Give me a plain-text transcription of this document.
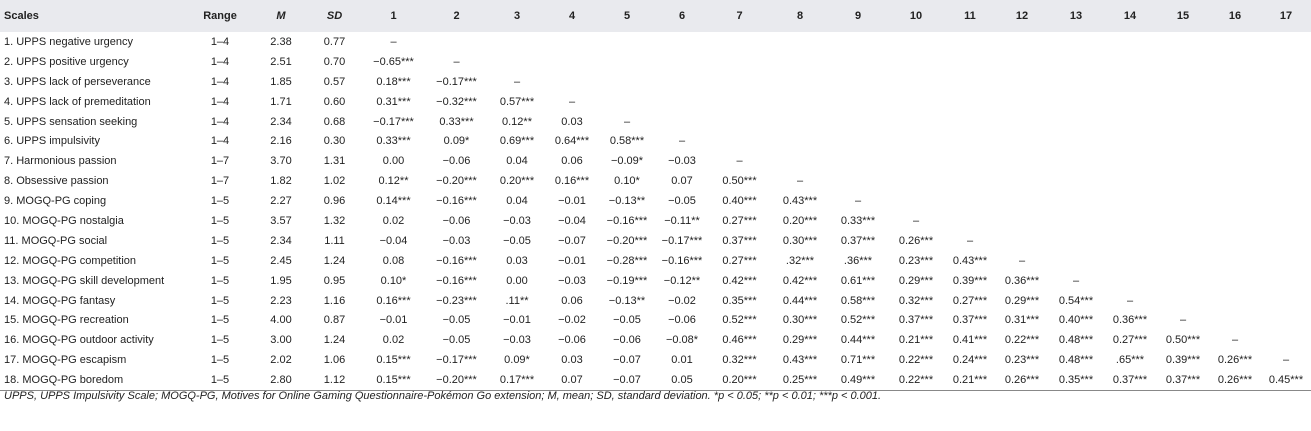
Scales	Range	M	SD	1	2	3	4	5	6	7	8	9	10	11	12	13	14	15	16	17
1. UPPS negative urgency	1–4	2.38	0.77	–																
2. UPPS positive urgency	1–4	2.51	0.70	−0.65***	–															
3. UPPS lack of perseverance	1–4	1.85	0.57	0.18***	−0.17***	–														
4. UPPS lack of premeditation	1–4	1.71	0.60	0.31***	−0.32***	0.57***	–													
5. UPPS sensation seeking	1–4	2.34	0.68	−0.17***	0.33***	0.12**	0.03	–												
6. UPPS impulsivity	1–4	2.16	0.30	0.33***	0.09*	0.69***	0.64***	0.58***	–											
7. Harmonious passion	1–7	3.70	1.31	0.00	−0.06	0.04	0.06	−0.09*	−0.03	–										
8. Obsessive passion	1–7	1.82	1.02	0.12**	−0.20***	0.20***	0.16***	0.10*	0.07	0.50***	–									
9. MOGQ-PG coping	1–5	2.27	0.96	0.14***	−0.16***	0.04	−0.01	−0.13**	−0.05	0.40***	0.43***	–								
10. MOGQ-PG nostalgia	1–5	3.57	1.32	0.02	−0.06	−0.03	−0.04	−0.16***	−0.11**	0.27***	0.20***	0.33***	–							
11. MOGQ-PG social	1–5	2.34	1.11	−0.04	−0.03	−0.05	−0.07	−0.20***	−0.17***	0.37***	0.30***	0.37***	0.26***	–						
12. MOGQ-PG competition	1–5	2.45	1.24	0.08	−0.16***	0.03	−0.01	−0.28***	−0.16***	0.27***	.32***	.36***	0.23***	0.43***	–					
13. MOGQ-PG skill development	1–5	1.95	0.95	0.10*	−0.16***	0.00	−0.03	−0.19***	−0.12**	0.42***	0.42***	0.61***	0.29***	0.39***	0.36***	–				
14. MOGQ-PG fantasy	1–5	2.23	1.16	0.16***	−0.23***	.11**	0.06	−0.13**	−0.02	0.35***	0.44***	0.58***	0.32***	0.27***	0.29***	0.54***	–			
15. MOGQ-PG recreation	1–5	4.00	0.87	−0.01	−0.05	−0.01	−0.02	−0.05	−0.06	0.52***	0.30***	0.52***	0.37***	0.37***	0.31***	0.40***	0.36***	–		
16. MOGQ-PG outdoor activity	1–5	3.00	1.24	0.02	−0.05	−0.03	−0.06	−0.06	−0.08*	0.46***	0.29***	0.44***	0.21***	0.41***	0.22***	0.48***	0.27***	0.50***	–	
17. MOGQ-PG escapism	1–5	2.02	1.06	0.15***	−0.17***	0.09*	0.03	−0.07	0.01	0.32***	0.43***	0.71***	0.22***	0.24***	0.23***	0.48***	.65***	0.39***	0.26***	–
18. MOGQ-PG boredom	1–5	2.80	1.12	0.15***	−0.20***	0.17***	0.07	−0.07	0.05	0.20***	0.25***	0.49***	0.22***	0.21***	0.26***	0.35***	0.37***	0.37***	0.26***	0.45***
UPPS, UPPS Impulsivity Scale; MOGQ-PG, Motives for Online Gaming Questionnaire-Pokémon Go extension; M, mean; SD, standard deviation. *p < 0.05; **p < 0.01; ***p < 0.001.
